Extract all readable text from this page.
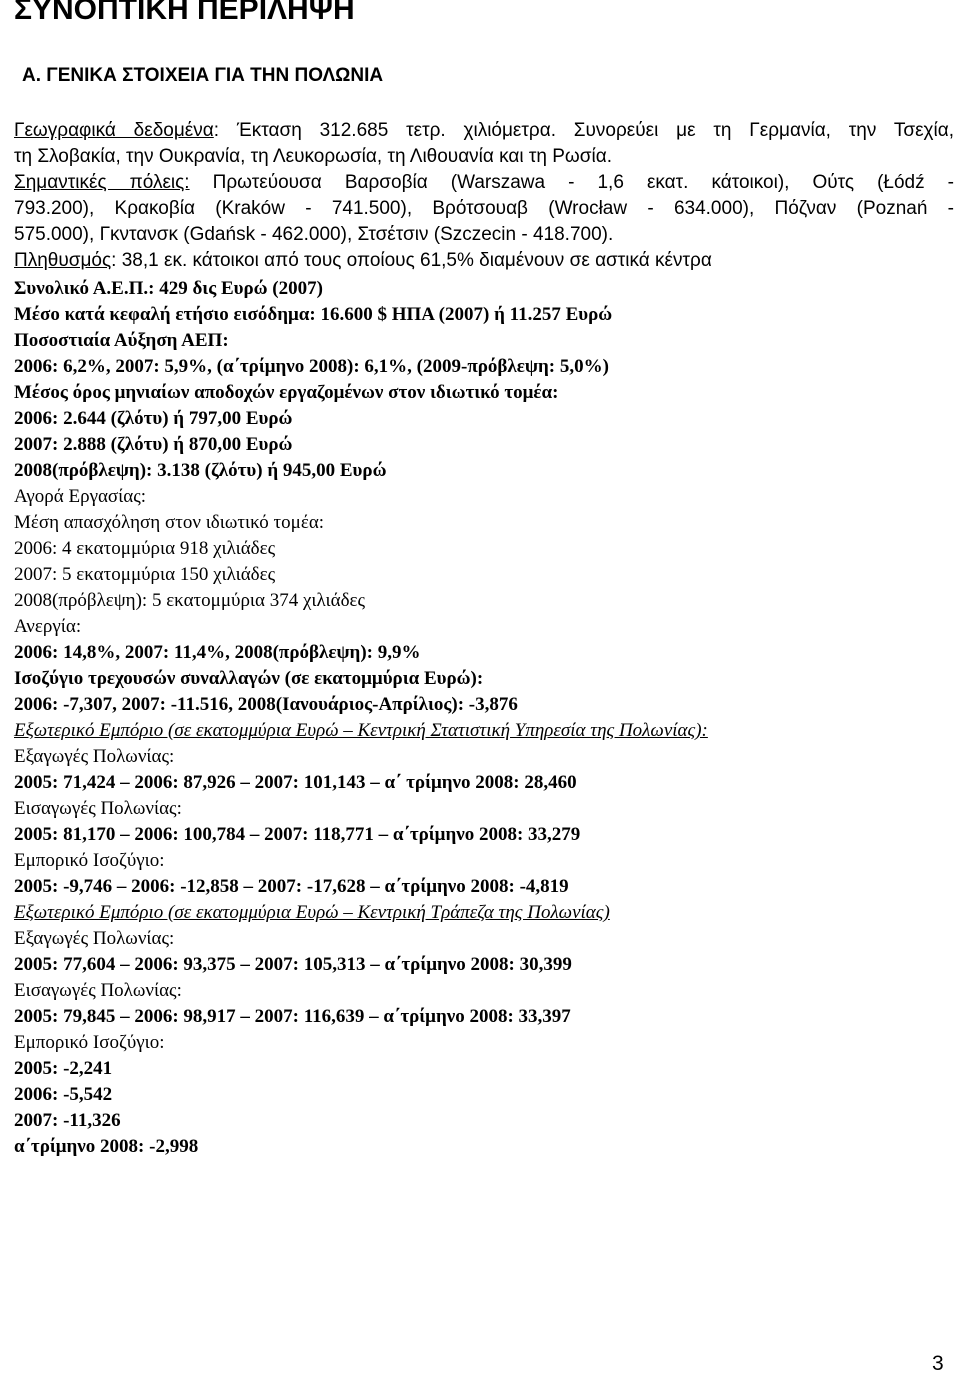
ΣΥΝΟΠΤΙΚΗ ΠΕΡΙΛΗΨΗ
Α. ΓΕΝΙΚΑ ΣΤΟΙΧΕΙΑ ΓΙΑ ΤΗΝ ΠΟΛΩΝΙΑ
Γεωγραφικά δεδομένα: Έκταση 312.685 τετρ. χιλιόμετρα. Συνορεύει με τη Γερμανία, την Τσεχία,
τη Σλοβακία, την Ουκρανία, τη Λευκορωσία, τη Λιθουανία και τη Ρωσία.
Σημαντικές πόλεις: Πρωτεύουσα Βαρσοβία (Warszawa - 1,6 εκατ. κάτοικοι), Ούτς (Łódź -
793.200), Κρακοβία (Kraków - 741.500), Βρότσουαβ (Wrocław - 634.000), Πόζναν (Poznań -
575.000), Γκντανσκ (Gdańsk - 462.000), Στσέτσιν (Szczecin - 418.700).
Πληθυσμός: 38,1 εκ. κάτοικοι από τους οποίους 61,5% διαμένουν σε αστικά κέντρα
Συνολικό Α.Ε.Π.: 429 δις Ευρώ (2007)
Μέσο κατά κεφαλή ετήσιο εισόδημα: 16.600 $ ΗΠΑ (2007) ή 11.257 Ευρώ
Ποσοστιαία Αύξηση ΑΕΠ:
2006: 6,2%, 2007: 5,9%, (α΄τρίμηνο 2008): 6,1%, (2009-πρόβλεψη: 5,0%)
Μέσος όρος μηνιαίων αποδοχών εργαζομένων στον ιδιωτικό τομέα:
2006: 2.644 (ζλότυ) ή 797,00 Ευρώ
2007: 2.888 (ζλότυ) ή 870,00 Ευρώ
2008(πρόβλεψη): 3.138 (ζλότυ) ή 945,00 Ευρώ
Αγορά Εργασίας:
Μέση απασχόληση στον ιδιωτικό τομέα:
2006: 4 εκατομμύρια 918 χιλιάδες
2007: 5 εκατομμύρια 150 χιλιάδες
2008(πρόβλεψη): 5 εκατομμύρια 374 χιλιάδες
Ανεργία:
2006: 14,8%, 2007: 11,4%, 2008(πρόβλεψη): 9,9%
Ισοζύγιο τρεχουσών συναλλαγών (σε εκατομμύρια Ευρώ):
2006: -7,307, 2007: -11.516, 2008(Ιανουάριος-Απρίλιος): -3,876
Εξωτερικό Εμπόριο (σε εκατομμύρια Ευρώ – Κεντρική Στατιστική Υπηρεσία της Πολωνίας):
Εξαγωγές Πολωνίας:
2005: 71,424 – 2006: 87,926 – 2007: 101,143 – α΄ τρίμηνο 2008: 28,460
Εισαγωγές Πολωνίας:
2005: 81,170 – 2006: 100,784 – 2007: 118,771 – α΄τρίμηνο 2008: 33,279
Εμπορικό Ισοζύγιο:
2005: -9,746 – 2006: -12,858 – 2007: -17,628 – α΄τρίμηνο 2008: -4,819
Εξωτερικό Εμπόριο (σε εκατομμύρια Ευρώ – Κεντρική Τράπεζα της Πολωνίας)
Εξαγωγές Πολωνίας:
2005: 77,604 – 2006: 93,375 – 2007: 105,313 – α΄τρίμηνο 2008: 30,399
Εισαγωγές Πολωνίας:
2005: 79,845 – 2006: 98,917 – 2007: 116,639 – α΄τρίμηνο 2008: 33,397
Εμπορικό Ισοζύγιο:
2005: -2,241
2006: -5,542
2007: -11,326
α΄τρίμηνο 2008: -2,998
3
